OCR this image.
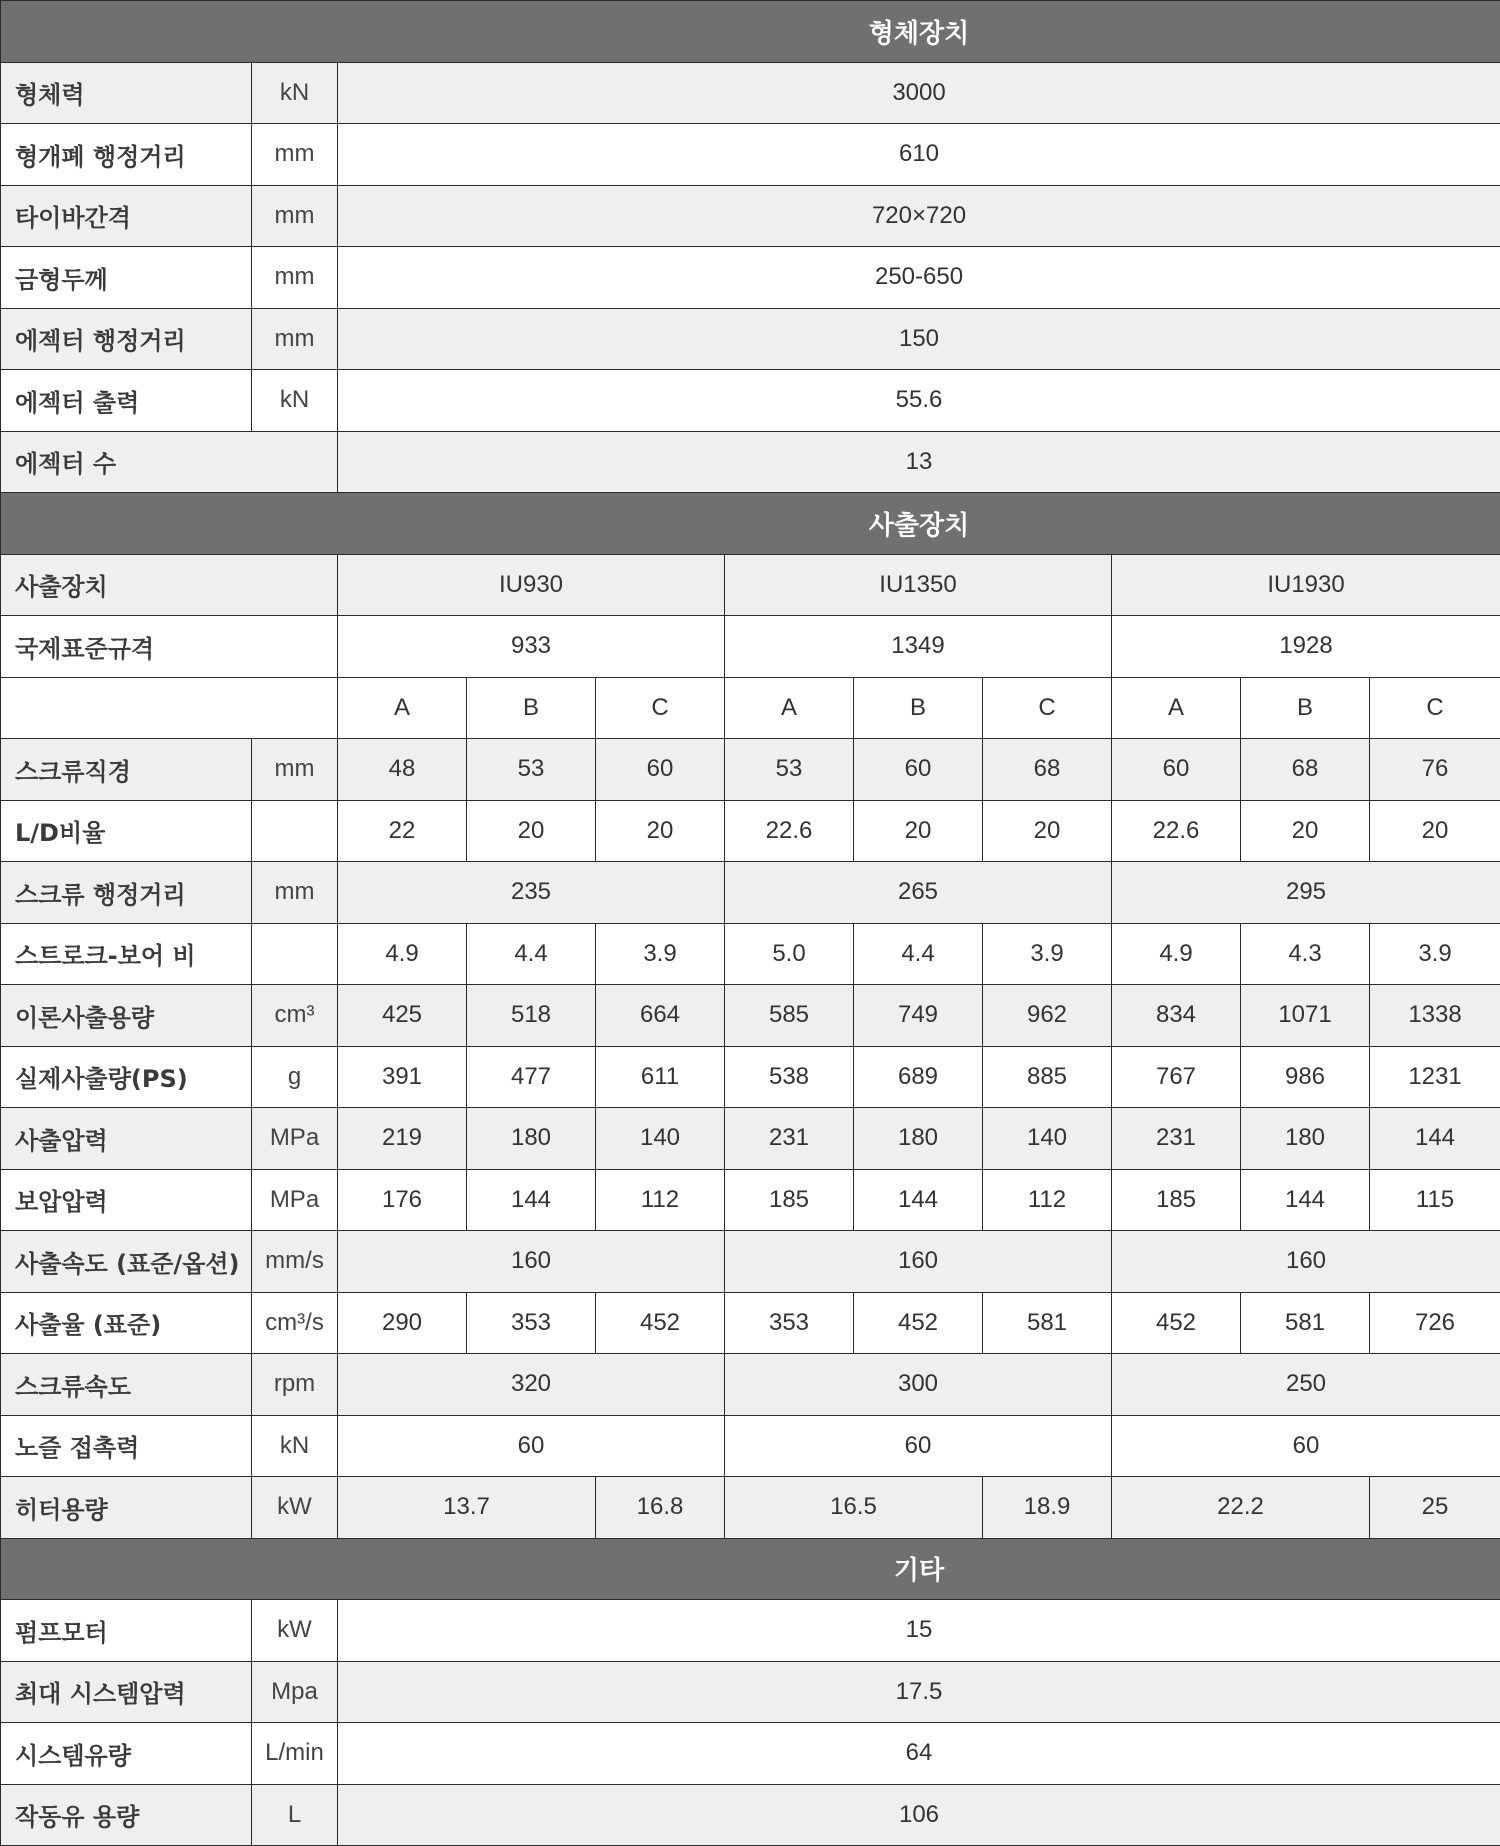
형체장치										
형체력	kN	3000								
형개폐 행정거리	mm	610								
타이바간격	mm	720×720								
금형두께	mm	250-650								
에젝터 행정거리	mm	150								
에젝터 출력	kN	55.6								
에젝터 수		13								
사출장치										
사출장치		IU930			IU1350			IU1930		
국제표준규격		933			1349			1928		
		A	B	C	A	B	C	A	B	C
스크류직경	mm	48	53	60	53	60	68	60	68	76
L/D비율		22	20	20	22.6	20	20	22.6	20	20
스크류 행정거리	mm	235			265			295		
스트로크-보어 비		4.9	4.4	3.9	5.0	4.4	3.9	4.9	4.3	3.9
이론사출용량	cm³	425	518	664	585	749	962	834	1071	1338
실제사출량(PS)	g	391	477	611	538	689	885	767	986	1231
사출압력	MPa	219	180	140	231	180	140	231	180	144
보압압력	MPa	176	144	112	185	144	112	185	144	115
사출속도 (표준/옵션)	mm/s	160			160			160		
사출율 (표준)	cm³/s	290	353	452	353	452	581	452	581	726
스크류속도	rpm	320			300			250		
노즐 접촉력	kN	60			60			60		
히터용량	kW	13.7		16.8	16.5		18.9	22.2		25
기타										
펌프모터	kW	15								
최대 시스템압력	Mpa	17.5								
시스템유량	L/min	64								
작동유 용량	L	106								
